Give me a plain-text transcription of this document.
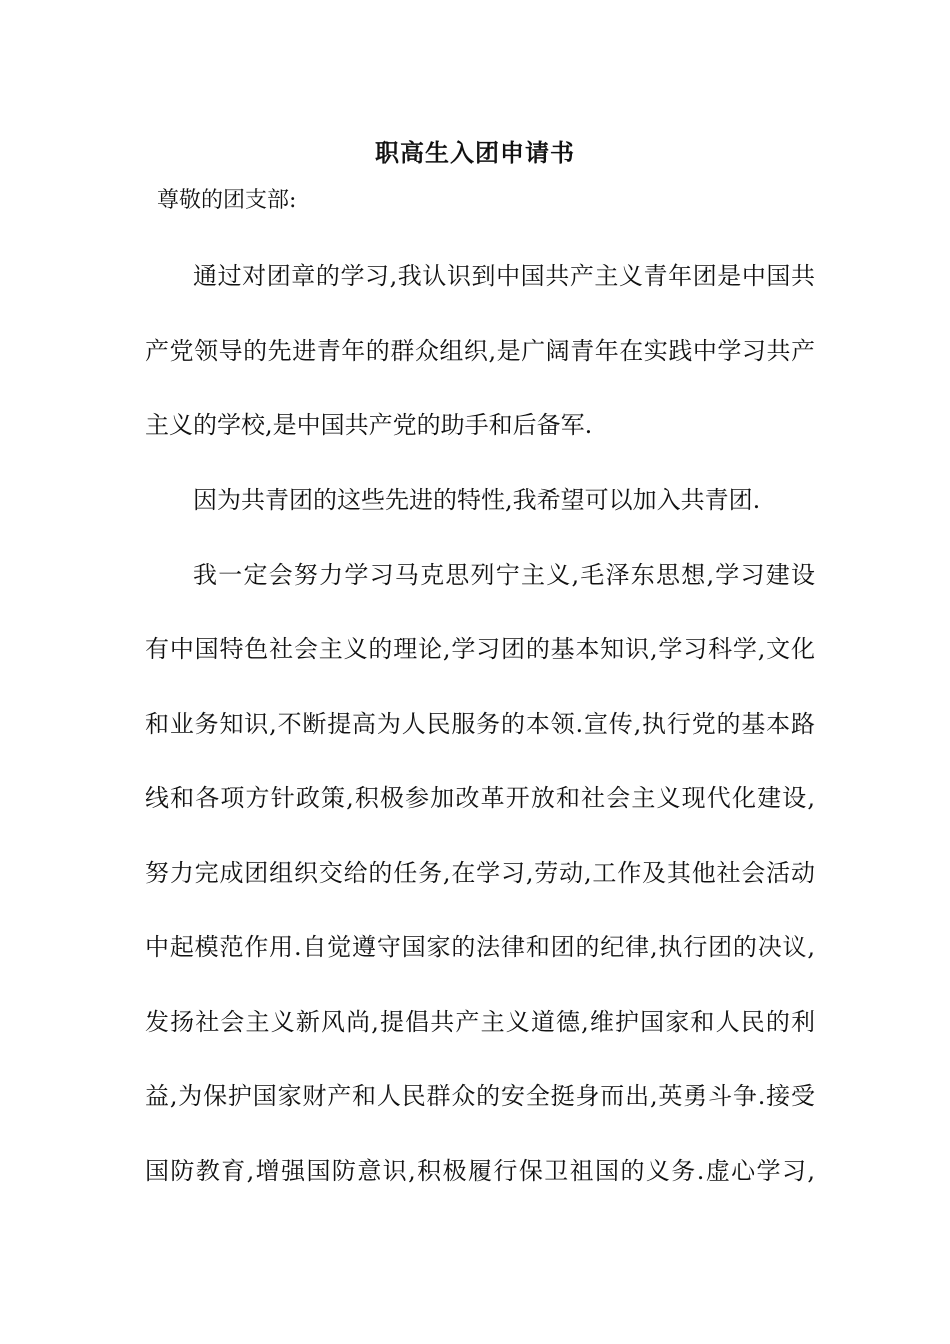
职高生入团申请书

尊敬的团支部:

通过对团章的学习,我认识到中国共产主义青年团是中国共

产党领导的先进青年的群众组织,是广阔青年在实践中学习共产

主义的学校,是中国共产党的助手和后备军.

因为共青团的这些先进的特性,我希望可以加入共青团.

我一定会努力学习马克思列宁主义,毛泽东思想,学习建设

有中国特色社会主义的理论,学习团的基本知识,学习科学,文化

和业务知识,不断提高为人民服务的本领.宣传,执行党的基本路

线和各项方针政策,积极参加改革开放和社会主义现代化建设,

努力完成团组织交给的任务,在学习,劳动,工作及其他社会活动

中起模范作用.自觉遵守国家的法律和团的纪律,执行团的决议,

发扬社会主义新风尚,提倡共产主义道德,维护国家和人民的利

益,为保护国家财产和人民群众的安全挺身而出,英勇斗争.接受

国防教育,增强国防意识,积极履行保卫祖国的义务.虚心学习,
